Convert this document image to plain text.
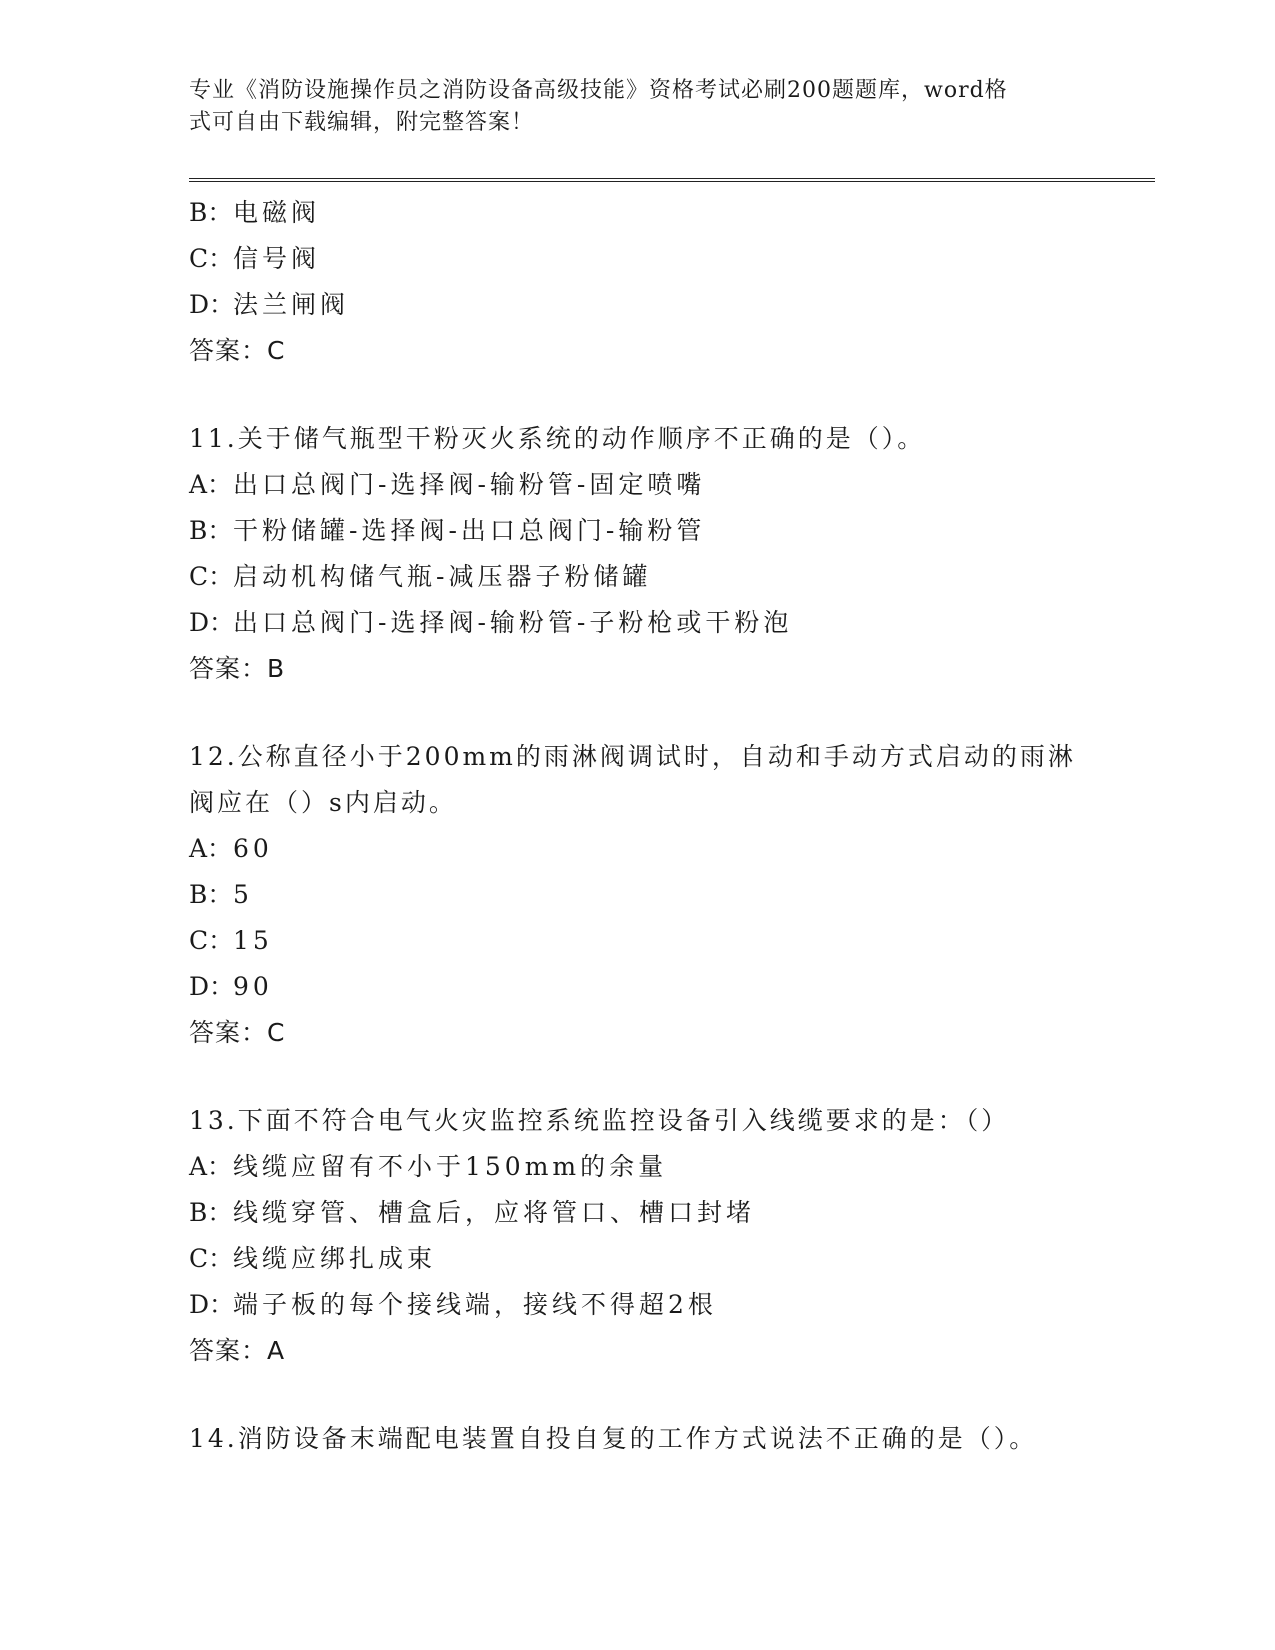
专业《消防设施操作员之消防设备高级技能》资格考试必刷200题题库，word格
式可自由下载编辑，附完整答案！
B： 电磁阀
C： 信号阀
D：
法兰闸阀
答案：C
11.关于储气瓶型干粉灭火系统的动作顺序不正确的是（）。
A： 出口总阀门-选择阀-输粉管-固定喷嘴
B： 干粉储罐-选择阀-出口总阀门-输粉管
C： 启动机构储气瓶-减压器子粉储罐
D：
出口总阀门-选择阀-输粉管-子粉枪或干粉泡
答案：B
12.公称直径小于200mm的雨淋阀调试时，自动和手动方式启动的雨淋
阀应在（）s内启动。
A： 60
B： 5
C： 15
D：
90
答案：C
13.下面不符合电气火灾监控系统监控设备引入线缆要求的是：（）
A： 线缆应留有不小于150mm的余量
B： 线缆穿管、槽盒后，应将管口、槽口封堵
C： 线缆应绑扎成束
D：
端子板的每个接线端，接线不得超2根
答案：A
14.消防设备末端配电装置自投自复的工作方式说法不正确的是（）。
